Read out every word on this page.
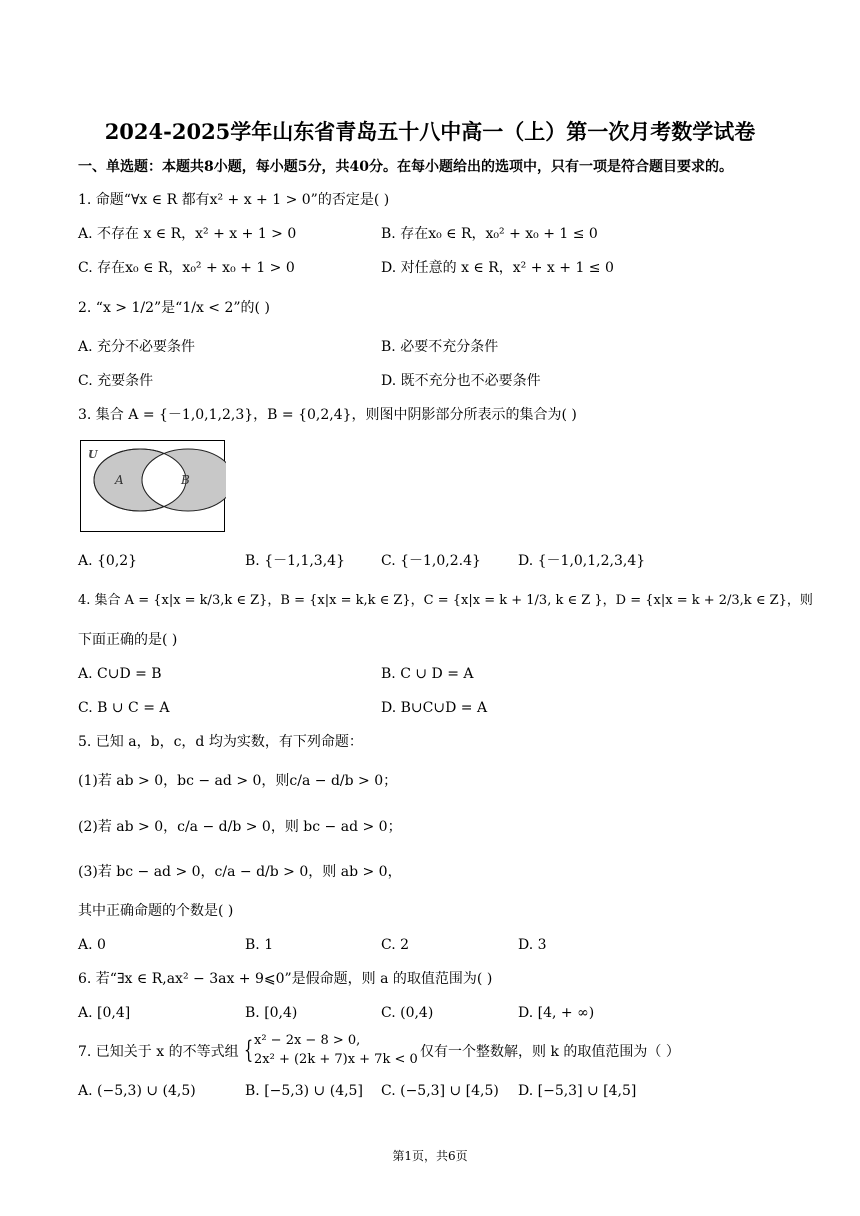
2024-2025学年山东省青岛五十八中高一（上）第一次月考数学试卷
一、单选题：本题共8小题，每小题5分，共40分。在每小题给出的选项中，只有一项是符合题目要求的。
1. 命题“∀x ∈ R 都有x² + x + 1 > 0”的否定是( )
A. 不存在 x ∈ R，x² + x + 1 > 0	B. 存在x₀ ∈ R，x₀² + x₀ + 1 ≤ 0
C. 存在x₀ ∈ R，x₀² + x₀ + 1 > 0	D. 对任意的 x ∈ R，x² + x + 1 ≤ 0
2. “x > 1/2”是“1/x < 2”的( )
A. 充分不必要条件	B. 必要不充分条件
C. 充要条件	D. 既不充分也不必要条件
3. 集合 A = {－1,0,1,2,3}，B = {0,2,4}，则图中阴影部分所表示的集合为( )
U
A	B
A. {0,2}	B. {－1,1,3,4}	C. {－1,0,2.4}	D. {－1,0,1,2,3,4}
4. 集合 A = {x|x = k/3,k ∈ Z}，B = {x|x = k,k ∈ Z}，C = {x|x = k + 1/3, k ∈ Z }，D = {x|x = k + 2/3,k ∈ Z}，则
下面正确的是( )
A. C∪D = B	B. C ∪ D = A
C. B ∪ C = A	D. B∪C∪D = A
5. 已知 a，b，c，d 均为实数，有下列命题：
(1)若 ab > 0，bc − ad > 0，则c/a − d/b > 0；
(2)若 ab > 0，c/a − d/b > 0，则 bc − ad > 0；
(3)若 bc − ad > 0，c/a − d/b > 0，则 ab > 0，
其中正确命题的个数是( )
A. 0	B. 1	C. 2	D. 3
6. 若“∃x ∈ R,ax² − 3ax + 9⩽0”是假命题，则 a 的取值范围为( )
A. [0,4]	B. [0,4)	C. (0,4)	D. [4, + ∞)
7. 已知关于 x 的不等式组 { x² − 2x − 8 > 0,
2x² + (2k + 7)x + 7k < 0 仅有一个整数解，则 k 的取值范围为（ ）
A. (−5,3) ∪ (4,5)	B. [−5,3) ∪ (4,5] C. (−5,3] ∪ [4,5) D. [−5,3] ∪ [4,5]
第1页，共6页
